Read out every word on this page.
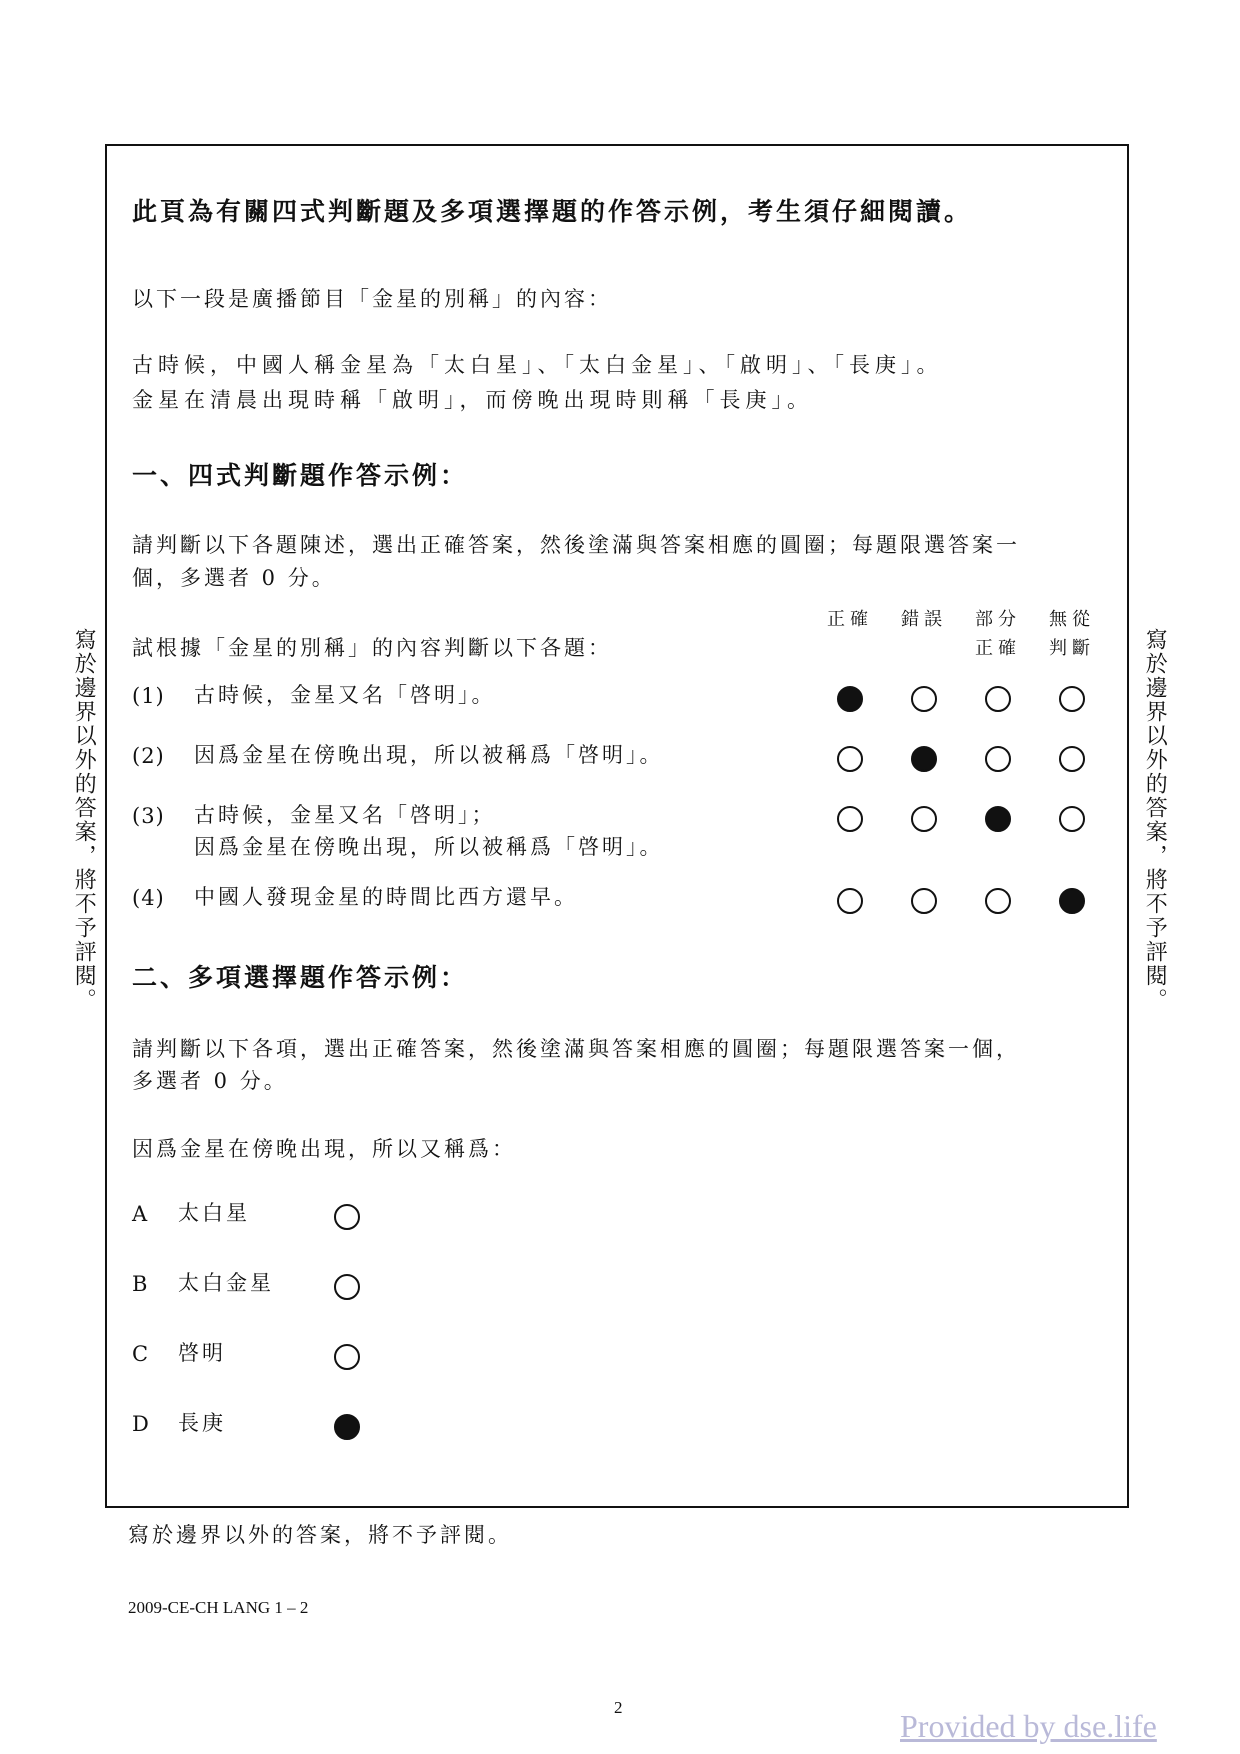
寫於邊界以外的答案，將不予評閱。	寫於邊界以外的答案，將不予評閱。
此頁為有關四式判斷題及多項選擇題的作答示例，考生須仔細閱讀。
以下一段是廣播節目「金星的別稱」的內容：
古時候，中國人稱金星為「太白星」、「太白金星」、「啟明」、「長庚」。
金星在清晨出現時稱「啟明」，而傍晚出現時則稱「長庚」。
一、四式判斷題作答示例：
請判斷以下各題陳述，選出正確答案，然後塗滿與答案相應的圓圈；每題限選答案一
個，多選者 0 分。
試根據「金星的別稱」的內容判斷以下各題：
正確 錯誤 部分
正確
無從
判斷
(1) 古時候，金星又名「啓明」。
(2) 因爲金星在傍晚出現，所以被稱爲「啓明」。
(3) 古時候，金星又名「啓明」；
因爲金星在傍晚出現，所以被稱爲「啓明」。
(4) 中國人發現金星的時間比西方還早。
二、多項選擇題作答示例：
請判斷以下各項，選出正確答案，然後塗滿與答案相應的圓圈；每題限選答案一個，
多選者 0 分。
因爲金星在傍晚出現，所以又稱爲：
A 太白星
B 太白金星
C 啓明
D 長庚
寫於邊界以外的答案，將不予評閱。
2009-CE-CH LANG 1 – 2
2
Provided by dse.life
